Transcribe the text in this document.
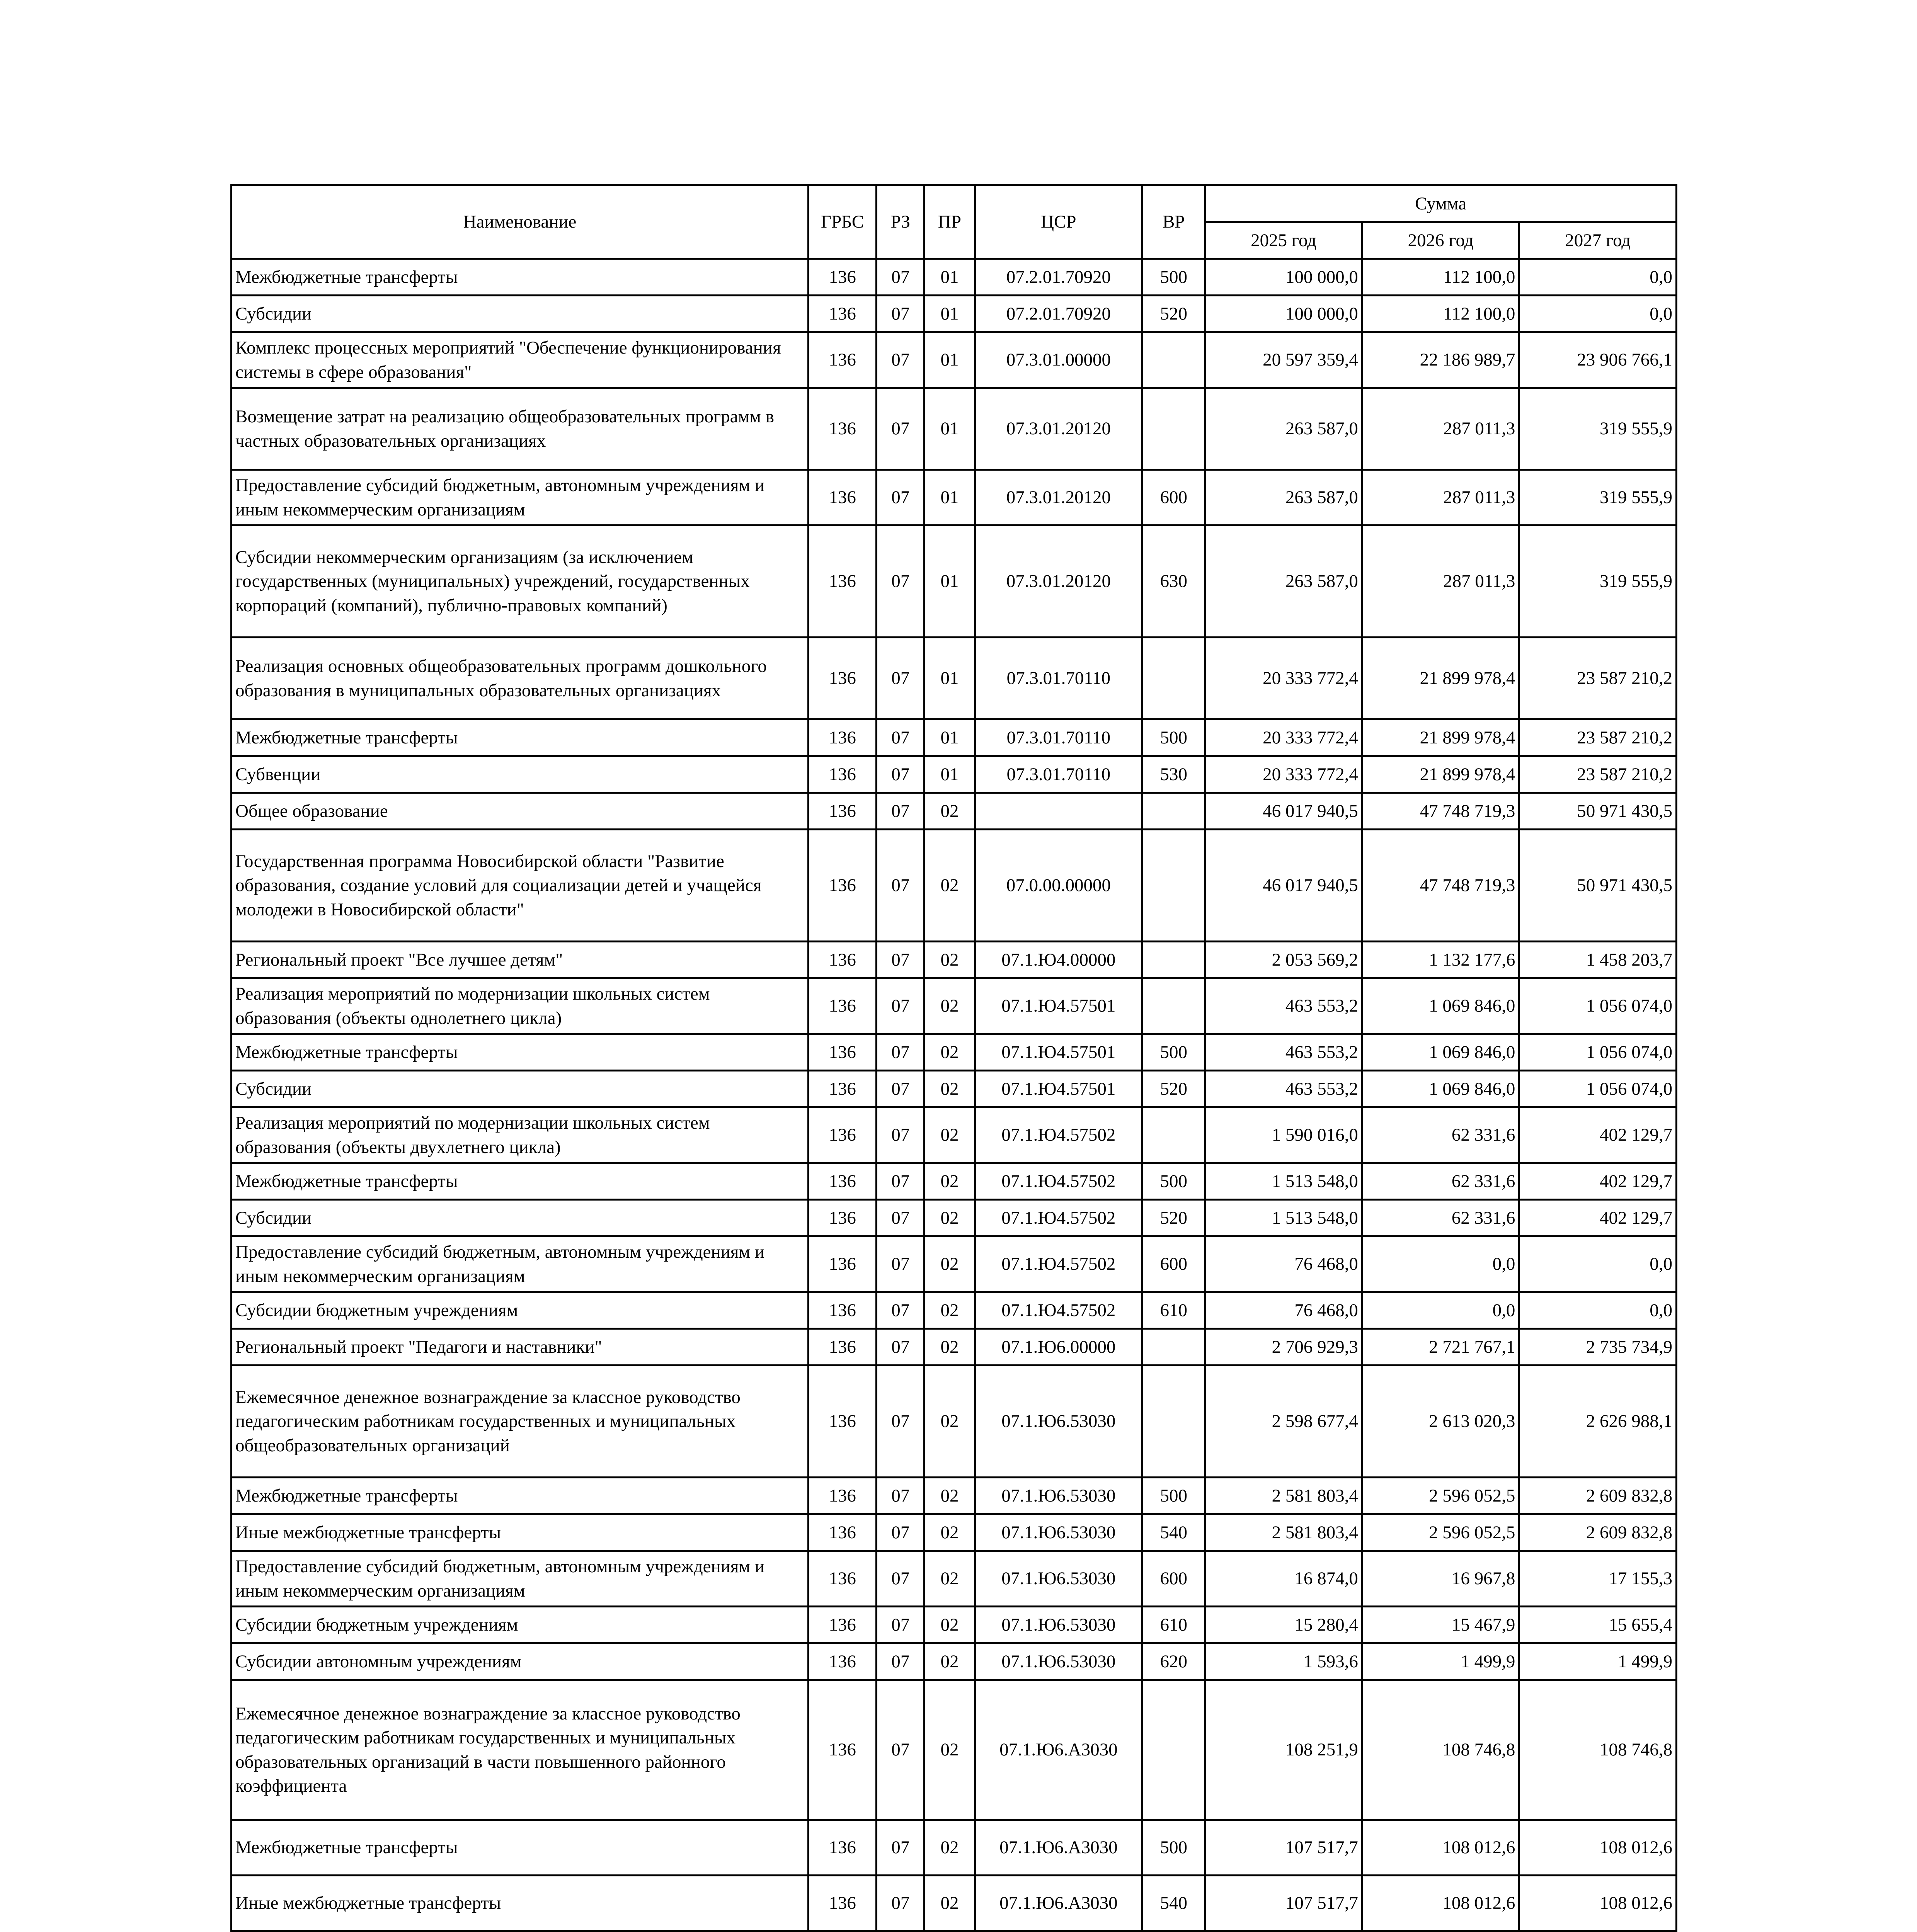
Наименование	ГРБС	РЗ	ПР	ЦСР	ВР	Сумма		
						2025 год	2026 год	2027 год
Межбюджетные трансферты	136	07	01	07.2.01.70920	500	100 000,0	112 100,0	0,0
Субсидии	136	07	01	07.2.01.70920	520	100 000,0	112 100,0	0,0
Комплекс процессных мероприятий "Обеспечение функционирования системы в сфере образования"	136	07	01	07.3.01.00000		20 597 359,4	22 186 989,7	23 906 766,1
Возмещение затрат на реализацию общеобразовательных программ в частных образовательных организациях	136	07	01	07.3.01.20120		263 587,0	287 011,3	319 555,9
Предоставление субсидий бюджетным, автономным учреждениям и иным некоммерческим организациям	136	07	01	07.3.01.20120	600	263 587,0	287 011,3	319 555,9
Субсидии некоммерческим организациям (за исключением государственных (муниципальных) учреждений, государственных корпораций (компаний), публично-правовых компаний)	136	07	01	07.3.01.20120	630	263 587,0	287 011,3	319 555,9
Реализация основных общеобразовательных программ дошкольного образования в муниципальных образовательных организациях	136	07	01	07.3.01.70110		20 333 772,4	21 899 978,4	23 587 210,2
Межбюджетные трансферты	136	07	01	07.3.01.70110	500	20 333 772,4	21 899 978,4	23 587 210,2
Субвенции	136	07	01	07.3.01.70110	530	20 333 772,4	21 899 978,4	23 587 210,2
Общее образование	136	07	02			46 017 940,5	47 748 719,3	50 971 430,5
Государственная программа Новосибирской области "Развитие образования, создание условий для социализации детей и учащейся молодежи в Новосибирской области"	136	07	02	07.0.00.00000		46 017 940,5	47 748 719,3	50 971 430,5
Региональный проект "Все лучшее детям"	136	07	02	07.1.Ю4.00000		2 053 569,2	1 132 177,6	1 458 203,7
Реализация мероприятий по модернизации школьных систем образования (объекты однолетнего цикла)	136	07	02	07.1.Ю4.57501		463 553,2	1 069 846,0	1 056 074,0
Межбюджетные трансферты	136	07	02	07.1.Ю4.57501	500	463 553,2	1 069 846,0	1 056 074,0
Субсидии	136	07	02	07.1.Ю4.57501	520	463 553,2	1 069 846,0	1 056 074,0
Реализация мероприятий по модернизации школьных систем образования (объекты двухлетнего цикла)	136	07	02	07.1.Ю4.57502		1 590 016,0	62 331,6	402 129,7
Межбюджетные трансферты	136	07	02	07.1.Ю4.57502	500	1 513 548,0	62 331,6	402 129,7
Субсидии	136	07	02	07.1.Ю4.57502	520	1 513 548,0	62 331,6	402 129,7
Предоставление субсидий бюджетным, автономным учреждениям и иным некоммерческим организациям	136	07	02	07.1.Ю4.57502	600	76 468,0	0,0	0,0
Субсидии бюджетным учреждениям	136	07	02	07.1.Ю4.57502	610	76 468,0	0,0	0,0
Региональный проект "Педагоги и наставники"	136	07	02	07.1.Ю6.00000		2 706 929,3	2 721 767,1	2 735 734,9
Ежемесячное денежное вознаграждение за классное руководство педагогическим работникам государственных и муниципальных общеобразовательных организаций	136	07	02	07.1.Ю6.53030		2 598 677,4	2 613 020,3	2 626 988,1
Межбюджетные трансферты	136	07	02	07.1.Ю6.53030	500	2 581 803,4	2 596 052,5	2 609 832,8
Иные межбюджетные трансферты	136	07	02	07.1.Ю6.53030	540	2 581 803,4	2 596 052,5	2 609 832,8
Предоставление субсидий бюджетным, автономным учреждениям и иным некоммерческим организациям	136	07	02	07.1.Ю6.53030	600	16 874,0	16 967,8	17 155,3
Субсидии бюджетным учреждениям	136	07	02	07.1.Ю6.53030	610	15 280,4	15 467,9	15 655,4
Субсидии автономным учреждениям	136	07	02	07.1.Ю6.53030	620	1 593,6	1 499,9	1 499,9
Ежемесячное денежное вознаграждение за классное руководство педагогическим работникам государственных и муниципальных образовательных организаций в части повышенного районного коэффициента	136	07	02	07.1.Ю6.А3030		108 251,9	108 746,8	108 746,8
Межбюджетные трансферты	136	07	02	07.1.Ю6.А3030	500	107 517,7	108 012,6	108 012,6
Иные межбюджетные трансферты	136	07	02	07.1.Ю6.А3030	540	107 517,7	108 012,6	108 012,6
